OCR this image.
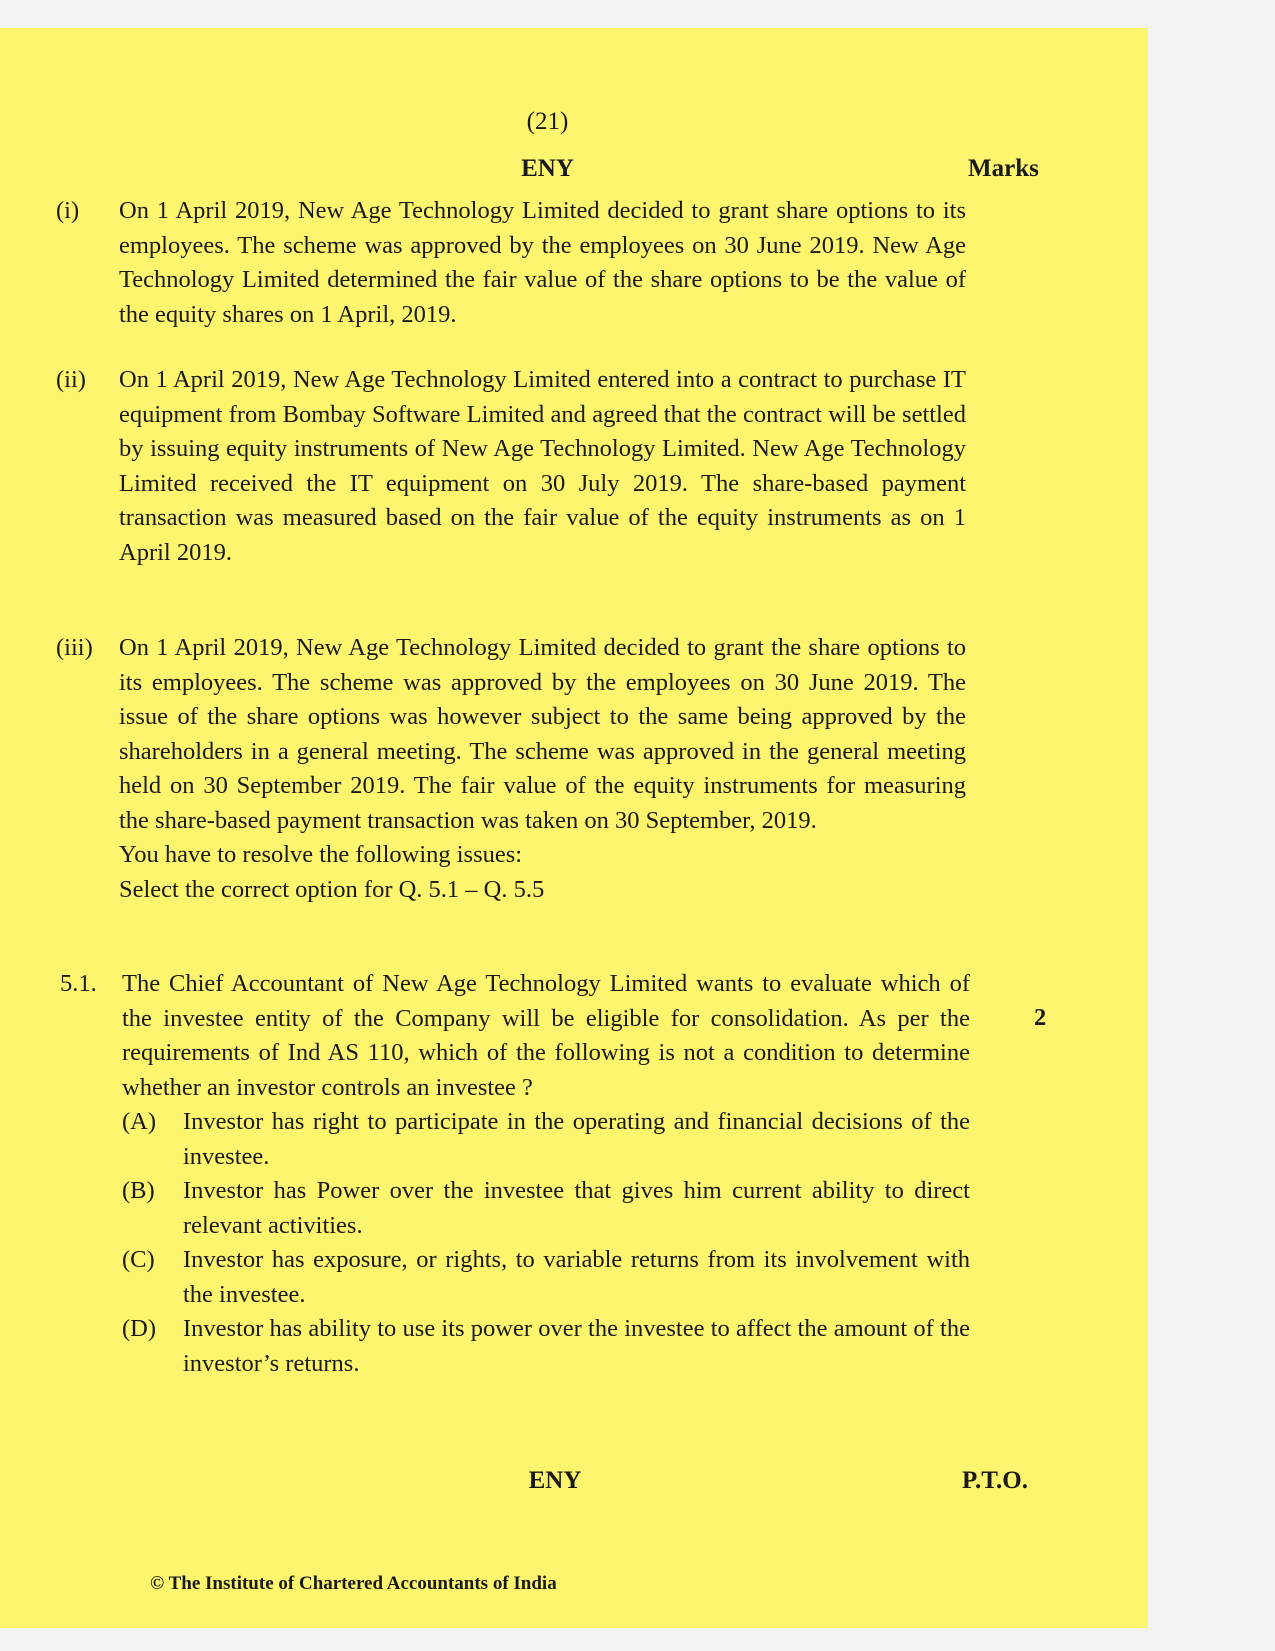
(21)
ENY	Marks
(i) On 1 April 2019, New Age Technology Limited decided to grant share options to its employees. The scheme was approved by the employees on 30 June 2019. New Age Technology Limited determined the fair value of the share options to be the value of the equity shares on 1 April, 2019.

(ii) On 1 April 2019, New Age Technology Limited entered into a contract to purchase IT equipment from Bombay Software Limited and agreed that the contract will be settled by issuing equity instruments of New Age Technology Limited. New Age Technology Limited received the IT equipment on 30 July 2019. The share-based payment transaction was measured based on the fair value of the equity instruments as on 1 April 2019.

(iii) On 1 April 2019, New Age Technology Limited decided to grant the share options to its employees. The scheme was approved by the employees on 30 June 2019. The issue of the share options was however subject to the same being approved by the shareholders in a general meeting. The scheme was approved in the general meeting held on 30 September 2019. The fair value of the equity instruments for measuring the share-based payment transaction was taken on 30 September, 2019.

You have to resolve the following issues:

Select the correct option for Q. 5.1 – Q. 5.5

5.1. The Chief Accountant of New Age Technology Limited wants to evaluate which of the investee entity of the Company will be eligible for consolidation. As per the requirements of Ind AS 110, which of the following is not a condition to determine whether an investor controls an investee ?
(A) Investor has right to participate in the operating and financial decisions of the investee.
(B) Investor has Power over the investee that gives him current ability to direct relevant activities.
(C) Investor has exposure, or rights, to variable returns from its involvement with the investee.
(D) Investor has ability to use its power over the investee to affect the amount of the investor’s returns.
2
ENY	P.T.O.
© The Institute of Chartered Accountants of India
